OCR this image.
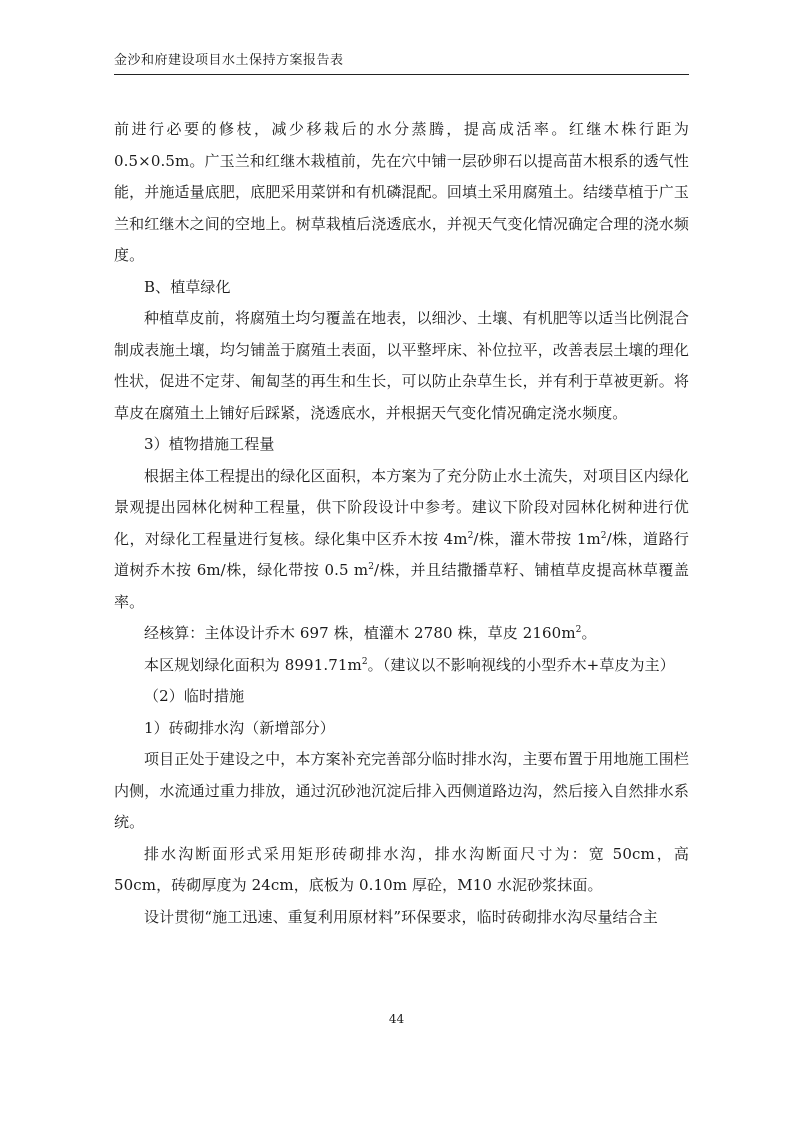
金沙和府建设项目水土保持方案报告表

前进行必要的修枝，减少移栽后的水分蒸腾，提高成活率。红继木株行距为0.5×0.5m。广玉兰和红继木栽植前，先在穴中铺一层砂卵石以提高苗木根系的透气性能，并施适量底肥，底肥采用菜饼和有机磷混配。回填土采用腐殖土。结缕草植于广玉兰和红继木之间的空地上。树草栽植后浇透底水，并视天气变化情况确定合理的浇水频度。

B、植草绿化

种植草皮前，将腐殖土均匀覆盖在地表，以细沙、土壤、有机肥等以适当比例混合制成表施土壤，均匀铺盖于腐殖土表面，以平整坪床、补位拉平，改善表层土壤的理化性状，促进不定芽、匍匐茎的再生和生长，可以防止杂草生长，并有利于草被更新。将草皮在腐殖土上铺好后踩紧，浇透底水，并根据天气变化情况确定浇水频度。

3）植物措施工程量

根据主体工程提出的绿化区面积，本方案为了充分防止水土流失，对项目区内绿化景观提出园林化树种工程量，供下阶段设计中参考。建议下阶段对园林化树种进行优化，对绿化工程量进行复核。绿化集中区乔木按 $4m^2/$株，灌木带按 $1m^2/$株，道路行道树乔木按 6m/株，绿化带按 0.5 $m^2/$株，并且结撒播草籽、铺植草皮提高林草覆盖率。

经核算：主体设计乔木 697 株，植灌木 2780 株，草皮 $2160m^2$。

本区规划绿化面积为 $8991.71m^2$。（建议以不影响视线的小型乔木+草皮为主）

（2）临时措施

1）砖砌排水沟（新增部分）

项目正处于建设之中，本方案补充完善部分临时排水沟，主要布置于用地施工围栏内侧，水流通过重力排放，通过沉砂池沉淀后排入西侧道路边沟，然后接入自然排水系统。

排水沟断面形式采用矩形砖砌排水沟，排水沟断面尺寸为：宽 50cm，高 50cm，砖砌厚度为 24cm，底板为 0.10m 厚砼，M10 水泥砂浆抹面。

设计贯彻“施工迅速、重复利用原材料”环保要求，临时砖砌排水沟尽量结合主

44
